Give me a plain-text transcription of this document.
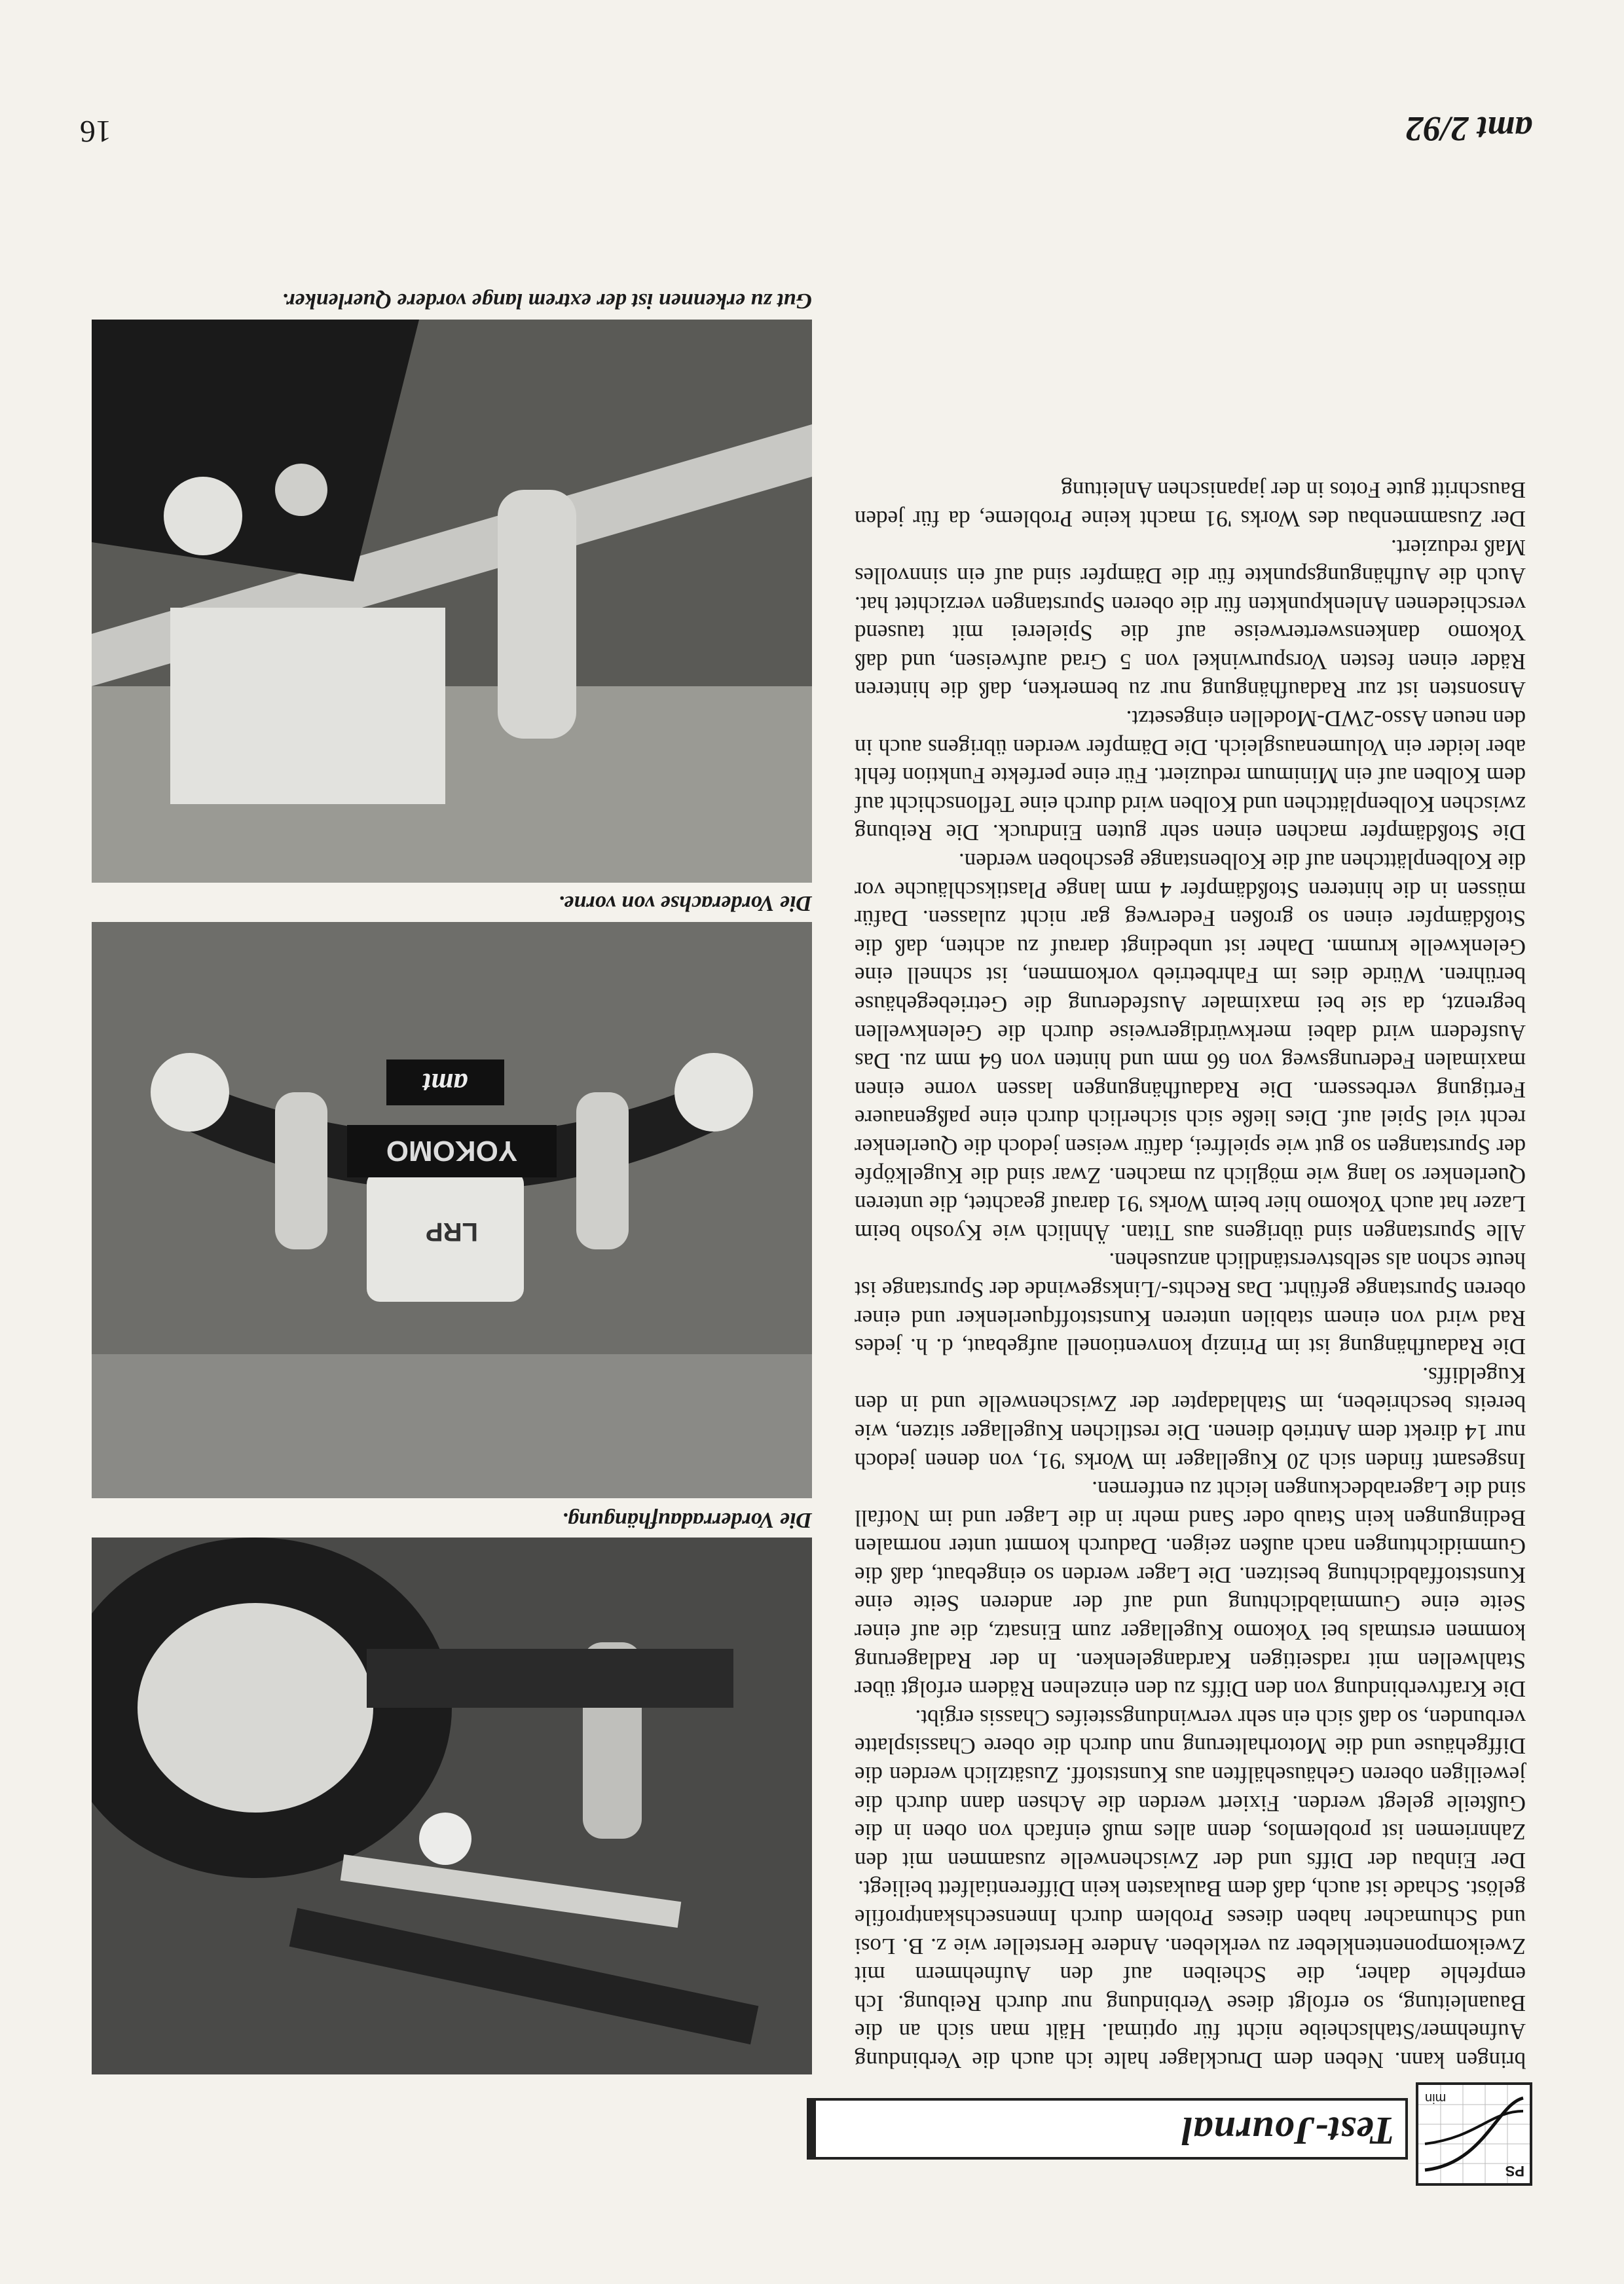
PS
min
Test-Journal

bringen kann. Neben dem Drucklager halte ich auch die Verbindung Aufnehmer/Stahlscheibe nicht für optimal. Hält man sich an die Bauanleitung, so erfolgt diese Verbindung nur durch Reibung. Ich empfehle daher, die Scheiben auf den Aufnehmern mit Zweikomponentenkleber zu verkleben. Andere Hersteller wie z. B. Losi und Schumacher haben dieses Problem durch Innensechskantprofile gelöst. Schade ist auch, daß dem Baukasten kein Differentialfett beiliegt.

Der Einbau der Diffs und der Zwischenwelle zusammen mit den Zahnriemen ist problemlos, denn alles muß einfach von oben in die Gußteile gelegt werden. Fixiert werden die Achsen dann durch die jeweiligen oberen Gehäusehälften aus Kunststoff. Zusätzlich werden die Diffgehäuse und die Motorhalterung nun durch die obere Chassisplatte verbunden, so daß sich ein sehr verwindungssteifes Chassis ergibt.

Die Kraftverbindung von den Diffs zu den einzelnen Rädern erfolgt über Stahlwellen mit radseitigen Kardangelenken. In der Radlagerung kommen erstmals bei Yokomo Kugellager zum Einsatz, die auf einer Seite eine Gummiabdichtung und auf der anderen Seite eine Kunststoffabdichtung besitzen. Die Lager werden so eingebaut, daß die Gummidichtungen nach außen zeigen. Dadurch kommt unter normalen Bedingungen kein Staub oder Sand mehr in die Lager und im Notfall sind die Lagerabdeckungen leicht zu entfernen.

Insgesamt finden sich 20 Kugellager im Works '91, von denen jedoch nur 14 direkt dem Antrieb dienen. Die restlichen Kugellager sitzen, wie bereits beschrieben, im Stahladapter der Zwischenwelle und in den Kugeldiffs.

Die Radaufhängung ist im Prinzip konventionell aufgebaut, d. h. jedes Rad wird von einem stabilen unteren Kunststoffquerlenker und einer oberen Spurstange geführt. Das Rechts-/Linksgewinde der Spurstange ist heute schon als selbstverständlich anzusehen.

Alle Spurstangen sind übrigens aus Titan. Ähnlich wie Kyosho beim Lazer hat auch Yokomo hier beim Works '91 darauf geachtet, die unteren Querlenker so lang wie möglich zu machen. Zwar sind die Kugelköpfe der Spurstangen so gut wie spielfrei, dafür weisen jedoch die Querlenker recht viel Spiel auf. Dies ließe sich sicherlich durch eine paßgenauere Fertigung verbessern. Die Radaufhängungen lassen vorne einen maximalen Federungsweg von 66 mm und hinten von 64 mm zu. Das Ausfedern wird dabei merkwürdigerweise durch die Gelenkwellen begrenzt, da sie bei maximaler Ausfederung die Getriebegehäuse berühren. Würde dies im Fahrbetrieb vorkommen, ist schnell eine Gelenkwelle krumm. Daher ist unbedingt darauf zu achten, daß die Stoßdämpfer einen so großen Federweg gar nicht zulassen. Dafür müssen in die hinteren Stoßdämpfer 4 mm lange Plastikschläuche vor die Kolbenplättchen auf die Kolbenstange geschoben werden.

Die Stoßdämpfer machen einen sehr guten Eindruck. Die Reibung zwischen Kolbenplättchen und Kolben wird durch eine Teflonschicht auf dem Kolben auf ein Minimum reduziert. Für eine perfekte Funktion fehlt aber leider ein Volumenausgleich. Die Dämpfer werden übrigens auch in den neuen Asso-2WD-Modellen eingesetzt.

Ansonsten ist zur Radaufhängung nur zu bemerken, daß die hinteren Räder einen festen Vorspurwinkel von 5 Grad aufweisen, und daß Yokomo dankenswerterweise auf die Spielerei mit tausend verschiedenen Anlenkpunkten für die oberen Spurstangen verzichtet hat. Auch die Aufhängungspunkte für die Dämpfer sind auf ein sinnvolles Maß reduziert.

Der Zusammenbau des Works '91 macht keine Probleme, da für jeden Bauschritt gute Fotos in der japanischen Anleitung

Die Vorderradaufhängung.
YOKOMO
LRP
amt
Die Vorderachse von vorne.
Gut zu erkennen ist der extrem lange vordere Querlenker.
amt 2/92
16
